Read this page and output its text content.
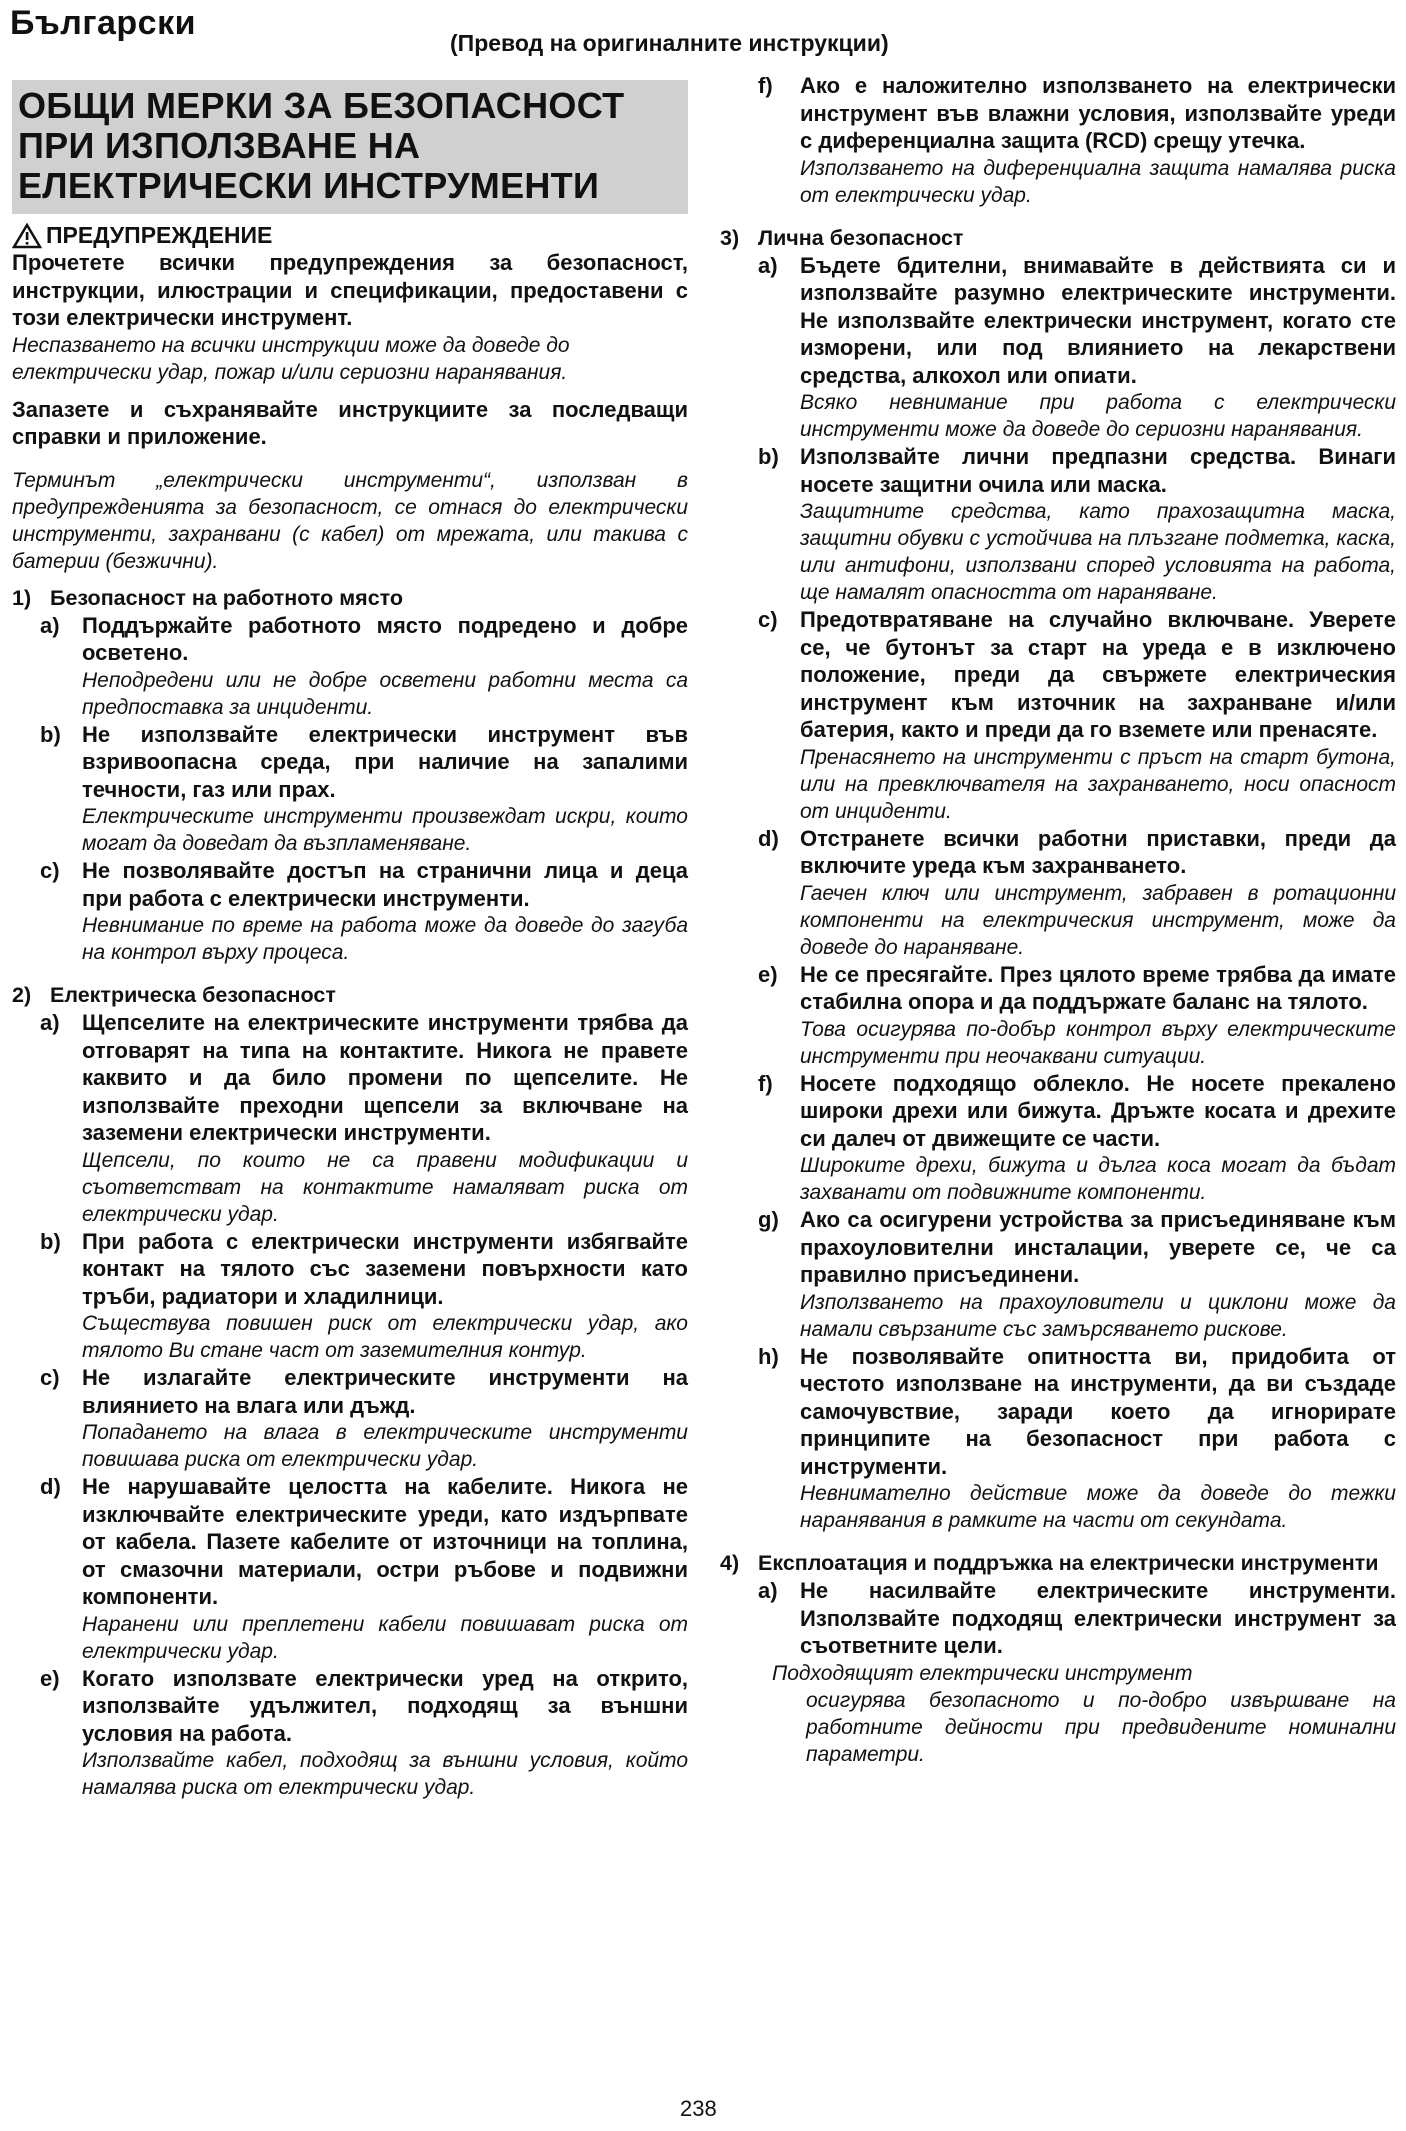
Български
(Превод на оригиналните инструкции)
ОБЩИ МЕРКИ ЗА БЕЗОПАСНОСТ
ПРИ ИЗПОЛЗВАНЕ НА
ЕЛЕКТРИЧЕСКИ ИНСТРУМЕНТИ
ПРЕДУПРЕЖДЕНИЕ

Прочетете всички предупреждения за безопасност, инструкции, илюстрации и спецификации, предоставени с този електрически инструмент.

Неспазването на всички инструкции може да доведе до електрически удар, пожар и/или сериозни наранявания.

Запазете и съхранявайте инструкциите за последващи справки и приложение.

Терминът „електрически инструменти“, използван в предупрежденията за безопасност, се отнася до електрически инструменти, захранвани (с кабел) от мрежата, или такива с батерии (безжични).

1) Безопасност на работното място
a)	Поддържайте работното място подредено и добре осветено.

Неподредени или не добре осветени работни места са предпоставка за инциденти.

b) Не използвайте електрически инструмент във взривоопасна среда, при наличие на запалими течности, газ или прах.

Електрическите инструменти произвеждат искри, които могат да доведат да възпламеняване.

c)	Не позволявайте достъп на странични лица и деца при работа с електрически инструменти.

Невнимание по време на работа може да доведе до загуба на контрол върху процеса.

2) Електрическа безопасност
a)	Щепселите на електрическите инструменти трябва да отговарят на типа на контактите. Никога не правете каквито и да било промени по щепселите. Не използвайте преходни щепсели за включване на заземени електрически инструменти.

Щепсели, по които не са правени модификации и съответстват на контактите намаляват риска от електрически удар.

b) При работа с електрически инструменти избягвайте контакт на тялото със заземени повърхности като тръби, радиатори и хладилници.

Съществува повишен риск от електрически удар, ако тялото Ви стане част от заземителния контур.

c)	Не излагайте електрическите инструменти на влиянието на влага или дъжд.

Попадането на влага в електрическите инструменти повишава риска от електрически удар.

d) Не нарушавайте целостта на кабелите. Никога не изключвайте електрическите уреди, като издърпвате от кабела. Пазете кабелите от източници на топлина, от смазочни материали, остри ръбове и подвижни компоненти.

Наранени или преплетени кабели повишават риска от електрически удар.

e)	Когато използвате електрически уред на открито, използвайте удължител, подходящ за външни условия на работа.

Използвайте кабел, подходящ за външни условия, който намалява риска от електрически удар.

f)	Ако е наложително използването на електрически инструмент във влажни условия, използвайте уреди с диференциална защита (RCD) срещу утечка.

Използването на диференциална защита намалява риска от електрически удар.

3) Лична безопасност
a)	Бъдете бдителни, внимавайте в действията си и използвайте разумно електрическите инструменти. Не използвайте електрически инструмент, когато сте изморени, или под влиянието на лекарствени средства, алкохол или опиати.

Всяко невнимание при работа с електрически инструменти може да доведе до сериозни наранявания.

b) Използвайте лични предпазни средства. Винаги носете защитни очила или маска.

Защитните средства, като прахозащитна маска, защитни обувки с устойчива на плъзгане подметка, каска, или антифони, използвани според условията на работа, ще намалят опасността от нараняване.

c)	Предотвратяване на случайно включване. Уверете се, че бутонът за старт на уреда е в изключено положение, преди да свържете електрическия инструмент към източник на захранване и/или батерия, както и преди да го вземете или пренасяте.

Пренасянето на инструменти с пръст на старт бутона, или на превключвателя на захранването, носи опасност от инциденти.

d) Отстранете всички работни приставки, преди да включите уреда към захранването.

Гаечен ключ или инструмент, забравен в ротационни компоненти на електрическия инструмент, може да доведе до нараняване.

e)	Не се пресягайте. През цялото време трябва да имате стабилна опора и да поддържате баланс на тялото.

Това осигурява по-добър контрол върху електрическите инструменти при неочаквани ситуации.

f)	Носете подходящо облекло. Не носете прекалено широки дрехи или бижута. Дръжте косата и дрехите си далеч от движещите се части.

Широките дрехи, бижута и дълга коса могат да бъдат захванати от подвижните компоненти.

g) Ако са осигурени устройства за присъединяване към прахоуловителни инсталации, уверете се, че са правилно присъединени.

Използването на прахоуловители и циклони може да намали свързаните със замърсяването рискове.

h) Не позволявайте опитността ви, придобита от честото използване на инструменти, да ви създаде самочувствие, заради което да игнорирате принципите на безопасност при работа с инструменти.

Невнимателно действие може да доведе до тежки наранявания в рамките на части от секундата.

4) Експлоатация и поддръжка на електрически инструменти
a)	Не насилвайте електрическите инструменти. Използвайте подходящ електрически инструмент за съответните цели.

Подходящият електрически инструмент

осигурява безопасното и по-добро извършване на работните дейности при предвидените номинални параметри.

238
